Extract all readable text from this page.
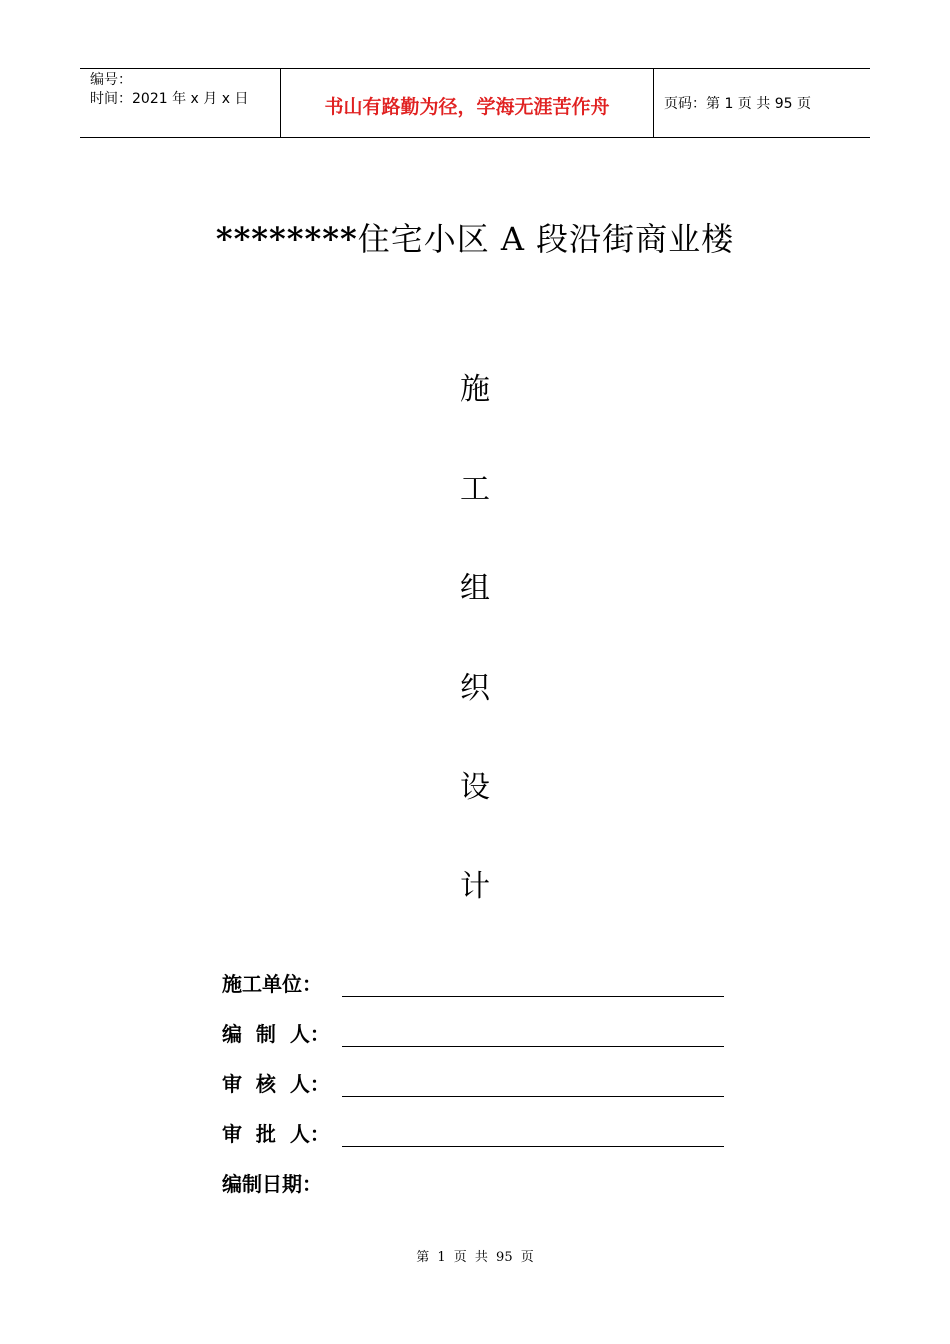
编号：
时间：2021 年 x 月 x 日	书山有路勤为径，学海无涯苦作舟	页码：第 1 页 共 95 页
********住宅小区 A 段沿街商业楼
施
工
组
织
设
计
施工单位：
编  制  人：
审  核  人：
审  批  人：
编制日期：
第 1 页 共 95 页
